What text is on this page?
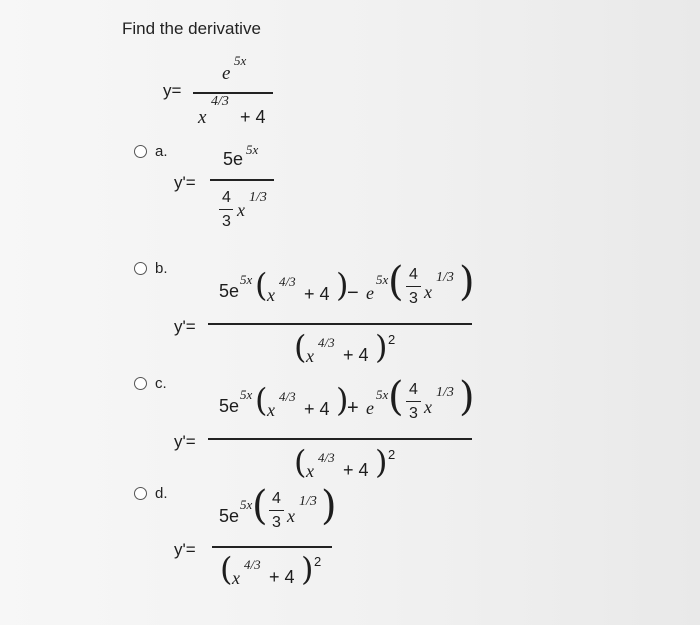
Find the derivative
y=
e
5x
x
4/3
+ 4
a.
y'=
5e 5x
4
3
x
1/3
b.
y'=
5e
5x ( x
4/3
+ 4 )
− e
5x ( 4
3 x
1/3 )
( x
4/3
+ 4 ) 2
c.
y'=
5e
5x ( x
4/3
+ 4 )
+ e
5x ( 4
3 x
1/3 )
( x
4/3
+ 4 ) 2
d.
y'=
5e
5x ( 4
3 x
1/3 )
( x
4/3
+ 4 ) 2
